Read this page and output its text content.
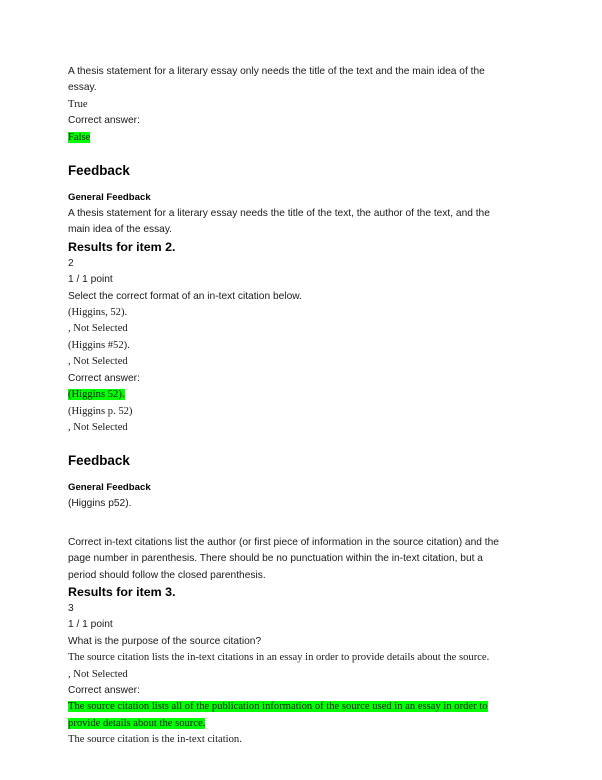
A thesis statement for a literary essay only needs the title of the text and the main idea of the essay.

True

Correct answer:

False

Feedback
General Feedback

A thesis statement for a literary essay needs the title of the text, the author of the text, and the main idea of the essay.

Results for item 2.

2

1 / 1 point

Select the correct format of an in-text citation below.

(Higgins, 52).

, Not Selected

(Higgins #52).

, Not Selected

Correct answer:

(Higgins 52).

(Higgins p. 52)

, Not Selected

Feedback
General Feedback

(Higgins p52).

Correct in-text citations list the author (or first piece of information in the source citation) and the page number in parenthesis. There should be no punctuation within the in-text citation, but a period should follow the closed parenthesis.

Results for item 3.

3

1 / 1 point

What is the purpose of the source citation?

The source citation lists the in-text citations in an essay in order to provide details about the source.

, Not Selected

Correct answer:

The source citation lists all of the publication information of the source used in an essay in order to provide details about the source.

The source citation is the in-text citation.
